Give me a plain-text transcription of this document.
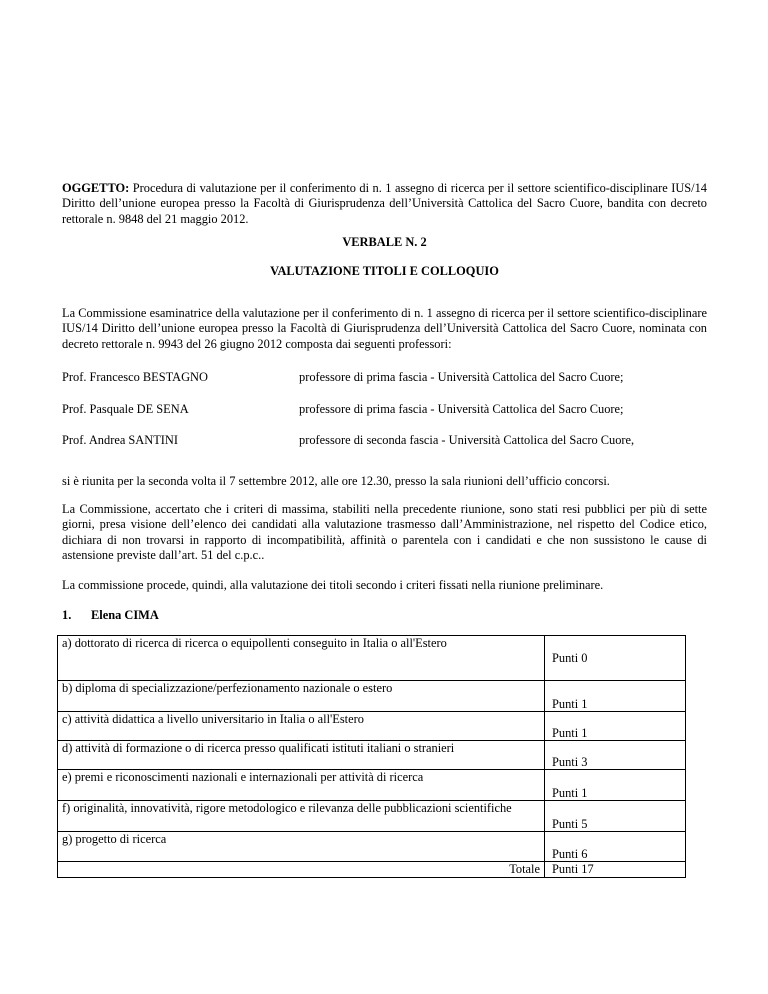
OGGETTO: Procedura di valutazione per il conferimento di n. 1 assegno di ricerca per il settore scientifico-disciplinare IUS/14 Diritto dell’unione europea presso la Facoltà di Giurisprudenza dell’Università Cattolica del Sacro Cuore, bandita con decreto rettorale n. 9848 del 21 maggio 2012.

VERBALE N. 2

VALUTAZIONE TITOLI E COLLOQUIO

La Commissione esaminatrice della valutazione per il conferimento di n. 1 assegno di ricerca per il settore scientifico-disciplinare IUS/14 Diritto dell’unione europea presso la Facoltà di Giurisprudenza dell’Università Cattolica del Sacro Cuore, nominata con decreto rettorale n. 9943 del 26 giugno 2012 composta dai seguenti professori:

Prof. Francesco BESTAGNO	professore di prima fascia - Università Cattolica del Sacro Cuore;
Prof. Pasquale DE SENA	professore di prima fascia - Università Cattolica del Sacro Cuore;
Prof. Andrea SANTINI	professore di seconda fascia - Università Cattolica del Sacro Cuore,

si è riunita per la seconda volta il 7 settembre 2012, alle ore 12.30, presso la sala riunioni dell’ufficio concorsi.

La Commissione, accertato che i criteri di massima, stabiliti nella precedente riunione, sono stati resi pubblici per più di sette giorni, presa visione dell’elenco dei candidati alla valutazione trasmesso dall’Amministrazione, nel rispetto del Codice etico, dichiara di non trovarsi in rapporto di incompatibilità, affinità o parentela con i candidati e che non sussistono le cause di astensione previste dall’art. 51 del c.p.c..

La commissione procede, quindi, alla valutazione dei titoli secondo i criteri fissati nella riunione preliminare.

1. Elena CIMA
a) dottorato di ricerca di ricerca o equipollenti conseguito in Italia o all'Estero	Punti 0
b) diploma di specializzazione/perfezionamento nazionale o estero	Punti 1
c) attività didattica a livello universitario in Italia o all'Estero	Punti 1
d) attività di formazione o di ricerca presso qualificati istituti italiani o stranieri	Punti 3
e) premi e riconoscimenti nazionali e internazionali per attività di ricerca	Punti 1
f) originalità, innovatività, rigore metodologico e rilevanza delle pubblicazioni scientifiche	Punti 5
g) progetto di ricerca	Punti 6
Totale	Punti 17
